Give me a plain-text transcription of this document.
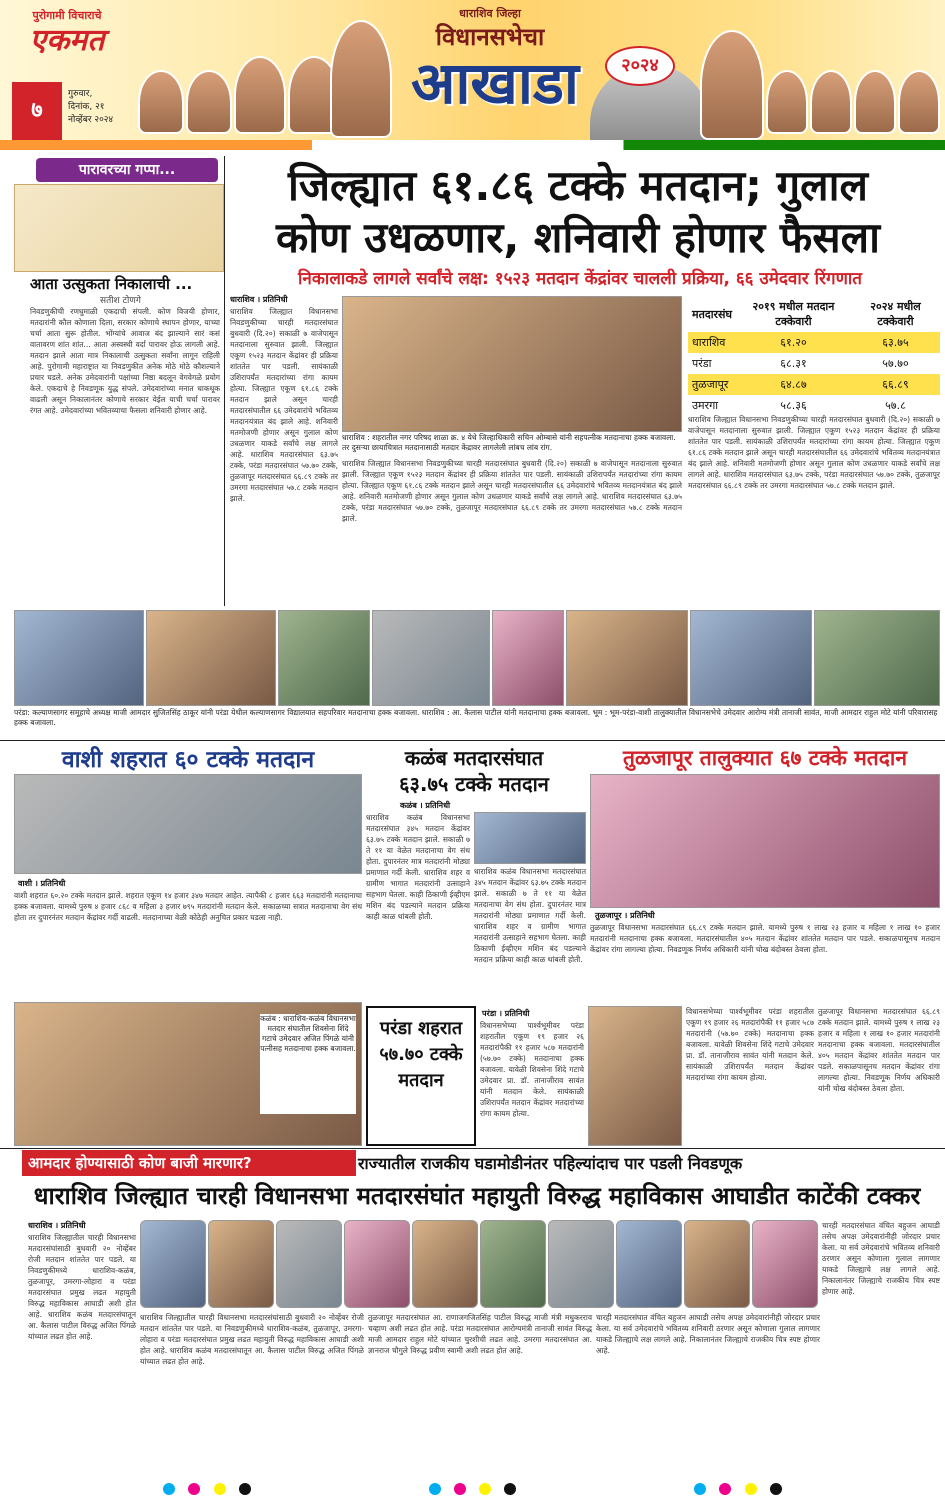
पुरोगामी विचाराचे
एकमत
७
गुरुवार,
दिनांक, २१
नोव्हेंबर २०२४
धाराशिव जिल्हा
विधानसभेचा
आखाडा	२०२४
पारावरच्या गप्पा...
आता उत्सुकता निकालाची ...
सतीश टोणगे
निवडणुकीची रणधुमाळी एकदाची संपली. कोण विजयी होणार, मतदारांनी कौल कोणाला दिला, सरकार कोणाचे स्थापन होणार, याच्या चर्चा आता सुरू होतील. भोंग्यांचे आवाज बंद झाल्याने सारं कसं वातावरण शांत शांत... आता अस्वस्थी वर्दा पारावर होऊ लागली आहे. मतदान झाले आता मात्र निकालाची उत्सुकता सर्वांना लागून राहिली आहे. पुरोगामी महाराष्ट्रात या निवडणुकीत अनेक मोठे मोठे कौशल्याने प्रचार घडले. अनेक उमेदवारांनी पक्षांच्या निष्ठा बदलून वेगवेगळे प्रयोग केले. एकदाचे हे निवडणूक युद्ध संपले. उमेदवारांच्या मनात धाकधूक वाढली असून निकालानंतर कोणाचे सरकार येईल याची चर्चा पारावर रंगत आहे. उमेदवारांच्या भवितव्याचा फैसला शनिवारी होणार आहे.
जिल्ह्यात ६१.८६ टक्के मतदान; गुलाल
कोण उधळणार, शनिवारी होणार फैसला
निकालाकडे लागले सर्वांचे लक्ष: १५२३ मतदान केंद्रांवर चालली प्रक्रिया, ६६ उमेदवार रिंगणात
धाराशिव । प्रतिनिधी
धाराशिव जिल्ह्यात विधानसभा निवडणुकीच्या चारही मतदारसंघात बुधवारी (दि.२०) सकाळी ७ वाजेपासून मतदानाला सुरुवात झाली. जिल्ह्यात एकूण १५२३ मतदान केंद्रांवर ही प्रक्रिया शांततेत पार पडली. सायंकाळी उशिरापर्यंत मतदारांच्या रांगा कायम होत्या. जिल्ह्यात एकूण ६१.८६ टक्के मतदान झाले असून चारही मतदारसंघातील ६६ उमेदवारांचे भवितव्य मतदानयंत्रात बंद झाले आहे. शनिवारी मतमोजणी होणार असून गुलाल कोण उधळणार याकडे सर्वांचे लक्ष लागले आहे. धाराशिव मतदारसंघात ६३.७५ टक्के, परंडा मतदारसंघात ५७.७० टक्के, तुळजापूर मतदारसंघात ६६.८९ टक्के तर उमरगा मतदारसंघात ५७.८ टक्के मतदान झाले.
धाराशिव : शहरातील नगर परिषद शाळा क्र. ४ येथे जिल्हाधिकारी सचिन ओम्बासे यांनी सहपत्नीक मतदानाचा हक्क बजावला. तर दुसऱ्या छायाचित्रात मतदानासाठी मतदार केंद्रावर लागलेली लांबच लांब रांग.
मतदारसंघ	२०१९ मधील मतदान टक्केवारी	२०२४ मधील टक्केवारी
धाराशिव	६१.२०	६३.७५
परंडा	६८.३१	५७.७०
तुळजापूर	६४.८७	६६.८९
उमरगा	५८.३६	५७.८
धाराशिव जिल्ह्यात विधानसभा निवडणुकीच्या चारही मतदारसंघात बुधवारी (दि.२०) सकाळी ७ वाजेपासून मतदानाला सुरुवात झाली. जिल्ह्यात एकूण १५२३ मतदान केंद्रांवर ही प्रक्रिया शांततेत पार पडली. सायंकाळी उशिरापर्यंत मतदारांच्या रांगा कायम होत्या. जिल्ह्यात एकूण ६१.८६ टक्के मतदान झाले असून चारही मतदारसंघातील ६६ उमेदवारांचे भवितव्य मतदानयंत्रात बंद झाले आहे. शनिवारी मतमोजणी होणार असून गुलाल कोण उधळणार याकडे सर्वांचे लक्ष लागले आहे. धाराशिव मतदारसंघात ६३.७५ टक्के, परंडा मतदारसंघात ५७.७० टक्के, तुळजापूर मतदारसंघात ६६.८९ टक्के तर उमरगा मतदारसंघात ५७.८ टक्के मतदान झाले.
धाराशिव जिल्ह्यात विधानसभा निवडणुकीच्या चारही मतदारसंघात बुधवारी (दि.२०) सकाळी ७ वाजेपासून मतदानाला सुरुवात झाली. जिल्ह्यात एकूण १५२३ मतदान केंद्रांवर ही प्रक्रिया शांततेत पार पडली. सायंकाळी उशिरापर्यंत मतदारांच्या रांगा कायम होत्या. जिल्ह्यात एकूण ६१.८६ टक्के मतदान झाले असून चारही मतदारसंघातील ६६ उमेदवारांचे भवितव्य मतदानयंत्रात बंद झाले आहे. शनिवारी मतमोजणी होणार असून गुलाल कोण उधळणार याकडे सर्वांचे लक्ष लागले आहे. धाराशिव मतदारसंघात ६३.७५ टक्के, परंडा मतदारसंघात ५७.७० टक्के, तुळजापूर मतदारसंघात ६६.८९ टक्के तर उमरगा मतदारसंघात ५७.८ टक्के मतदान झाले.
परंडा: कल्याणसागर समूहाचे अध्यक्ष माजी आमदार सुजितसिंह ठाकूर यांनी परंडा येथील कल्याणसागर विद्यालयात सहपरिवार मतदानाचा हक्क बजावला. धाराशिव : आ. कैलास पाटील यांनी मतदानाचा हक्क बजावला. भूम : भूम-परंडा-वाशी तालुक्यातील विधानसभेचे उमेदवार आरोग्य मंत्री तानाजी सावंत, माजी आमदार राहुल मोटे यांनी परिवारासह हक्क बजावला.
वाशी शहरात ६० टक्के मतदान
वाशी । प्रतिनिधी
वाशी शहरात ६०.२० टक्के मतदान झाले. शहरात एकूण १४ हजार ३४७ मतदार आहेत. त्यापैकी ८ हजार ६६३ मतदारांनी मतदानाचा हक्क बजावला. यामध्ये पुरुष ४ हजार ८६८ व महिला ३ हजार ७९५ मतदारांनी मतदान केले. सकाळच्या सत्रात मतदानाचा वेग संथ होता तर दुपारनंतर मतदान केंद्रांवर गर्दी वाढली. मतदानाच्या वेळी कोठेही अनुचित प्रकार घडला नाही.
कळंब : धाराशिव-कळंब विधानसभा मतदार संघातील शिवसेना शिंदे गटाचे उमेदवार अजित पिंगळे यांनी पत्नीसह मतदानाचा हक्क बजावला.
कळंब मतदारसंघात
६३.७५ टक्के मतदान
कळंब । प्रतिनिधी
धाराशिव कळंब विधानसभा मतदारसंघात ३४५ मतदान केंद्रांवर ६३.७५ टक्के मतदान झाले. सकाळी ७ ते ११ या वेळेत मतदानाचा वेग संथ होता. दुपारनंतर मात्र मतदारांनी मोठ्या प्रमाणात गर्दी केली. धाराशिव शहर व ग्रामीण भागात मतदारांनी उत्साहाने सहभाग घेतला. काही ठिकाणी ईव्हीएम मशिन बंद पडल्याने मतदान प्रक्रिया काही काळ थांबली होती.
धाराशिव कळंब विधानसभा मतदारसंघात ३४५ मतदान केंद्रांवर ६३.७५ टक्के मतदान झाले. सकाळी ७ ते ११ या वेळेत मतदानाचा वेग संथ होता. दुपारनंतर मात्र मतदारांनी मोठ्या प्रमाणात गर्दी केली. धाराशिव शहर व ग्रामीण भागात मतदारांनी उत्साहाने सहभाग घेतला. काही ठिकाणी ईव्हीएम मशिन बंद पडल्याने मतदान प्रक्रिया काही काळ थांबली होती.
तुळजापूर तालुक्यात ६७ टक्के मतदान
तुळजापूर । प्रतिनिधी
तुळजापूर विधानसभा मतदारसंघात ६६.८९ टक्के मतदान झाले. यामध्ये पुरुष १ लाख २३ हजार व महिला १ लाख १० हजार मतदारांनी मतदानाचा हक्क बजावला. मतदारसंघातील ४०५ मतदान केंद्रांवर शांततेत मतदान पार पडले. सकाळपासूनच मतदान केंद्रांवर रांगा लागल्या होत्या. निवडणूक निर्णय अधिकारी यांनी चोख बंदोबस्त ठेवला होता.
परंडा शहरात ५७.७० टक्के मतदान
परंडा । प्रतिनिधी
विधानसभेच्या पार्श्वभूमीवर परंडा शहरातील एकूण १९ हजार २६ मतदारांपैकी ११ हजार ५८७ मतदारांनी (५७.७० टक्के) मतदानाचा हक्क बजावला. यावेळी शिवसेना शिंदे गटाचे उमेदवार प्रा. डॉ. तानाजीराव सावंत यांनी मतदान केले. सायंकाळी उशिरापर्यंत मतदान केंद्रांवर मतदारांच्या रांगा कायम होत्या.
विधानसभेच्या पार्श्वभूमीवर परंडा शहरातील एकूण १९ हजार २६ मतदारांपैकी ११ हजार ५८७ मतदारांनी (५७.७० टक्के) मतदानाचा हक्क बजावला. यावेळी शिवसेना शिंदे गटाचे उमेदवार प्रा. डॉ. तानाजीराव सावंत यांनी मतदान केले. सायंकाळी उशिरापर्यंत मतदान केंद्रांवर मतदारांच्या रांगा कायम होत्या.
तुळजापूर विधानसभा मतदारसंघात ६६.८९ टक्के मतदान झाले. यामध्ये पुरुष १ लाख २३ हजार व महिला १ लाख १० हजार मतदारांनी मतदानाचा हक्क बजावला. मतदारसंघातील ४०५ मतदान केंद्रांवर शांततेत मतदान पार पडले. सकाळपासूनच मतदान केंद्रांवर रांगा लागल्या होत्या. निवडणूक निर्णय अधिकारी यांनी चोख बंदोबस्त ठेवला होता.
आमदार होण्यासाठी कोण बाजी मारणार?	राज्यातील राजकीय घडामोडीनंतर पहिल्यांदाच पार पडली निवडणूक
धाराशिव जिल्ह्यात चारही विधानसभा मतदारसंघांत महायुती विरुद्ध महाविकास आघाडीत काटेंकी टक्कर
धाराशिव । प्रतिनिधी
धाराशिव जिल्ह्यातील चारही विधानसभा मतदारसंघांसाठी बुधवारी २० नोव्हेंबर रोजी मतदान शांततेत पार पडले. या निवडणुकीमध्ये धाराशिव-कळंब, तुळजापूर, उमरगा-लोहारा व परंडा मतदारसंघात प्रमुख लढत महायुती विरुद्ध महाविकास आघाडी अशी होत आहे. धाराशिव कळंब मतदारसंघातून आ. कैलास पाटील विरुद्ध अजित पिंगळे यांच्यात लढत होत आहे.
धाराशिव जिल्ह्यातील चारही विधानसभा मतदारसंघांसाठी बुधवारी २० नोव्हेंबर रोजी मतदान शांततेत पार पडले. या निवडणुकीमध्ये धाराशिव-कळंब, तुळजापूर, उमरगा-लोहारा व परंडा मतदारसंघात प्रमुख लढत महायुती विरुद्ध महाविकास आघाडी अशी होत आहे. धाराशिव कळंब मतदारसंघातून आ. कैलास पाटील विरुद्ध अजित पिंगळे यांच्यात लढत होत आहे.
तुळजापूर मतदारसंघात आ. राणाजगजितसिंह पाटील विरुद्ध माजी मंत्री मधुकरराव चव्हाण अशी लढत होत आहे. परंडा मतदारसंघात आरोग्यमंत्री तानाजी सावंत विरुद्ध माजी आमदार राहुल मोटे यांच्यात चुरशीची लढत आहे. उमरगा मतदारसंघात आ. ज्ञानराज चौगुले विरुद्ध प्रवीण स्वामी अशी लढत होत आहे.
चारही मतदारसंघात वंचित बहुजन आघाडी तसेच अपक्ष उमेदवारांनीही जोरदार प्रचार केला. या सर्व उमेदवारांचे भवितव्य शनिवारी ठरणार असून कोणाला गुलाल लागणार याकडे जिल्ह्याचे लक्ष लागले आहे. निकालानंतर जिल्ह्याचे राजकीय चित्र स्पष्ट होणार आहे.
चारही मतदारसंघात वंचित बहुजन आघाडी तसेच अपक्ष उमेदवारांनीही जोरदार प्रचार केला. या सर्व उमेदवारांचे भवितव्य शनिवारी ठरणार असून कोणाला गुलाल लागणार याकडे जिल्ह्याचे लक्ष लागले आहे. निकालानंतर जिल्ह्याचे राजकीय चित्र स्पष्ट होणार आहे.
